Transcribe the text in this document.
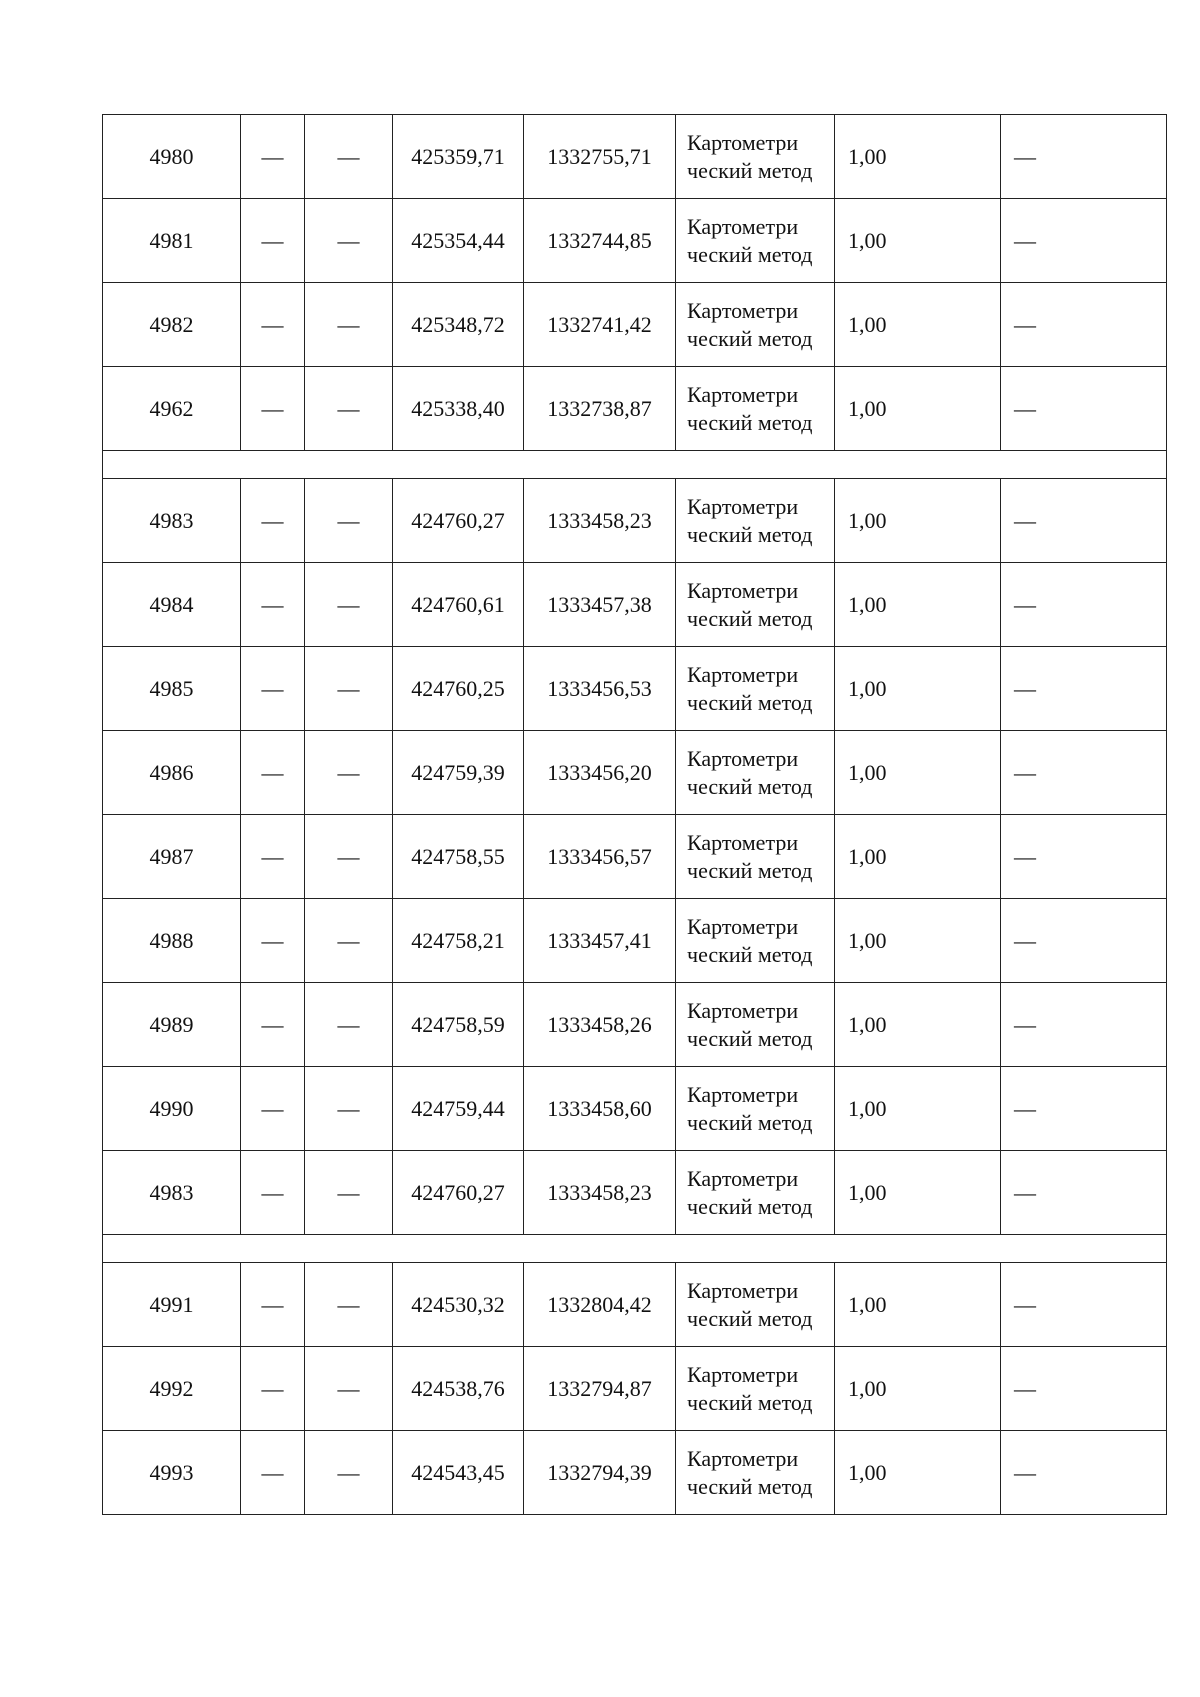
4980	—	—	425359,71	1332755,71	Картометри ческий метод	1,00	—
4981	—	—	425354,44	1332744,85	Картометри ческий метод	1,00	—
4982	—	—	425348,72	1332741,42	Картометри ческий метод	1,00	—
4962	—	—	425338,40	1332738,87	Картометри ческий метод	1,00	—

4983	—	—	424760,27	1333458,23	Картометри ческий метод	1,00	—
4984	—	—	424760,61	1333457,38	Картометри ческий метод	1,00	—
4985	—	—	424760,25	1333456,53	Картометри ческий метод	1,00	—
4986	—	—	424759,39	1333456,20	Картометри ческий метод	1,00	—
4987	—	—	424758,55	1333456,57	Картометри ческий метод	1,00	—
4988	—	—	424758,21	1333457,41	Картометри ческий метод	1,00	—
4989	—	—	424758,59	1333458,26	Картометри ческий метод	1,00	—
4990	—	—	424759,44	1333458,60	Картометри ческий метод	1,00	—
4983	—	—	424760,27	1333458,23	Картометри ческий метод	1,00	—

4991	—	—	424530,32	1332804,42	Картометри ческий метод	1,00	—
4992	—	—	424538,76	1332794,87	Картометри ческий метод	1,00	—
4993	—	—	424543,45	1332794,39	Картометри ческий метод	1,00	—
